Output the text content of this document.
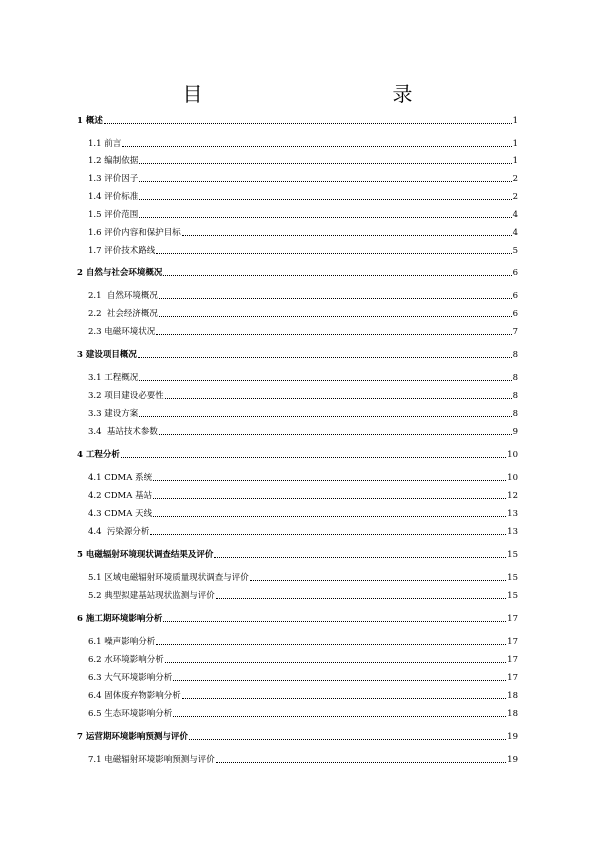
目　　录
1 概述	1
1.1 前言	1
1.2 编制依据	1
1.3 评价因子	2
1.4 评价标准	2
1.5 评价范围	4
1.6 评价内容和保护目标	4
1.7 评价技术路线	5
2 自然与社会环境概况	6
2.1  自然环境概况	6
2.2  社会经济概况	6
2.3 电磁环境状况	7
3 建设项目概况	8
3.1 工程概况	8
3.2 项目建设必要性	8
3.3 建设方案	8
3.4  基站技术参数	9
4 工程分析	10
4.1 CDMA 系统	10
4.2 CDMA 基站	12
4.3 CDMA 天线	13
4.4  污染源分析	13
5 电磁辐射环境现状调查结果及评价	15
5.1 区域电磁辐射环境质量现状调查与评价	15
5.2 典型拟建基站现状监测与评价	15
6 施工期环境影响分析	17
6.1 噪声影响分析	17
6.2 水环境影响分析	17
6.3 大气环境影响分析	17
6.4 固体废弃物影响分析	18
6.5 生态环境影响分析	18
7 运营期环境影响预测与评价	19
7.1 电磁辐射环境影响预测与评价	19
